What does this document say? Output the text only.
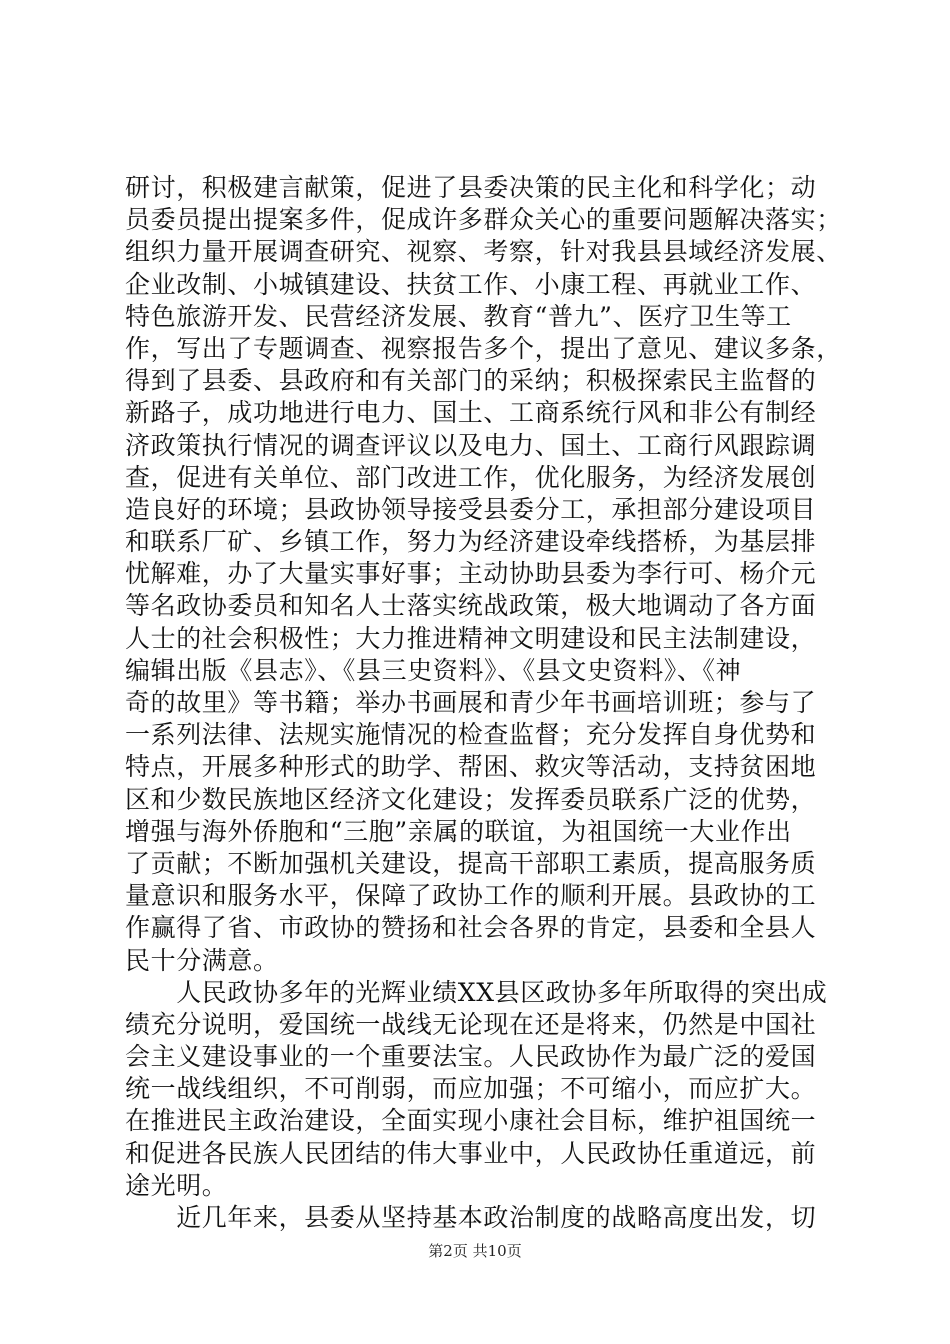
研讨，积极建言献策，促进了县委决策的民主化和科学化；动
员委员提出提案多件，促成许多群众关心的重要问题解决落实；
组织力量开展调查研究、视察、考察，针对我县县域经济发展、
企业改制、小城镇建设、扶贫工作、小康工程、再就业工作、
特色旅游开发、民营经济发展、教育“普九”、医疗卫生等工
作，写出了专题调查、视察报告多个，提出了意见、建议多条，
得到了县委、县政府和有关部门的采纳；积极探索民主监督的
新路子，成功地进行电力、国土、工商系统行风和非公有制经
济政策执行情况的调查评议以及电力、国土、工商行风跟踪调
查，促进有关单位、部门改进工作，优化服务，为经济发展创
造良好的环境；县政协领导接受县委分工，承担部分建设项目
和联系厂矿、乡镇工作，努力为经济建设牵线搭桥，为基层排
忧解难，办了大量实事好事；主动协助县委为李行可、杨介元
等名政协委员和知名人士落实统战政策，极大地调动了各方面
人士的社会积极性；大力推进精神文明建设和民主法制建设，
编辑出版《县志》、《县三史资料》、《县文史资料》、《神
奇的故里》等书籍；举办书画展和青少年书画培训班；参与了
一系列法律、法规实施情况的检查监督；充分发挥自身优势和
特点，开展多种形式的助学、帮困、救灾等活动，支持贫困地
区和少数民族地区经济文化建设；发挥委员联系广泛的优势，
增强与海外侨胞和“三胞”亲属的联谊，为祖国统一大业作出
了贡献；不断加强机关建设，提高干部职工素质，提高服务质
量意识和服务水平，保障了政协工作的顺利开展。县政协的工
作赢得了省、市政协的赞扬和社会各界的肯定，县委和全县人
民十分满意。
　　人民政协多年的光辉业绩XX县区政协多年所取得的突出成
绩充分说明，爱国统一战线无论现在还是将来，仍然是中国社
会主义建设事业的一个重要法宝。人民政协作为最广泛的爱国
统一战线组织，不可削弱，而应加强；不可缩小，而应扩大。
在推进民主政治建设，全面实现小康社会目标，维护祖国统一
和促进各民族人民团结的伟大事业中，人民政协任重道远，前
途光明。
　　近几年来，县委从坚持基本政治制度的战略高度出发，切
第2页 共10页
